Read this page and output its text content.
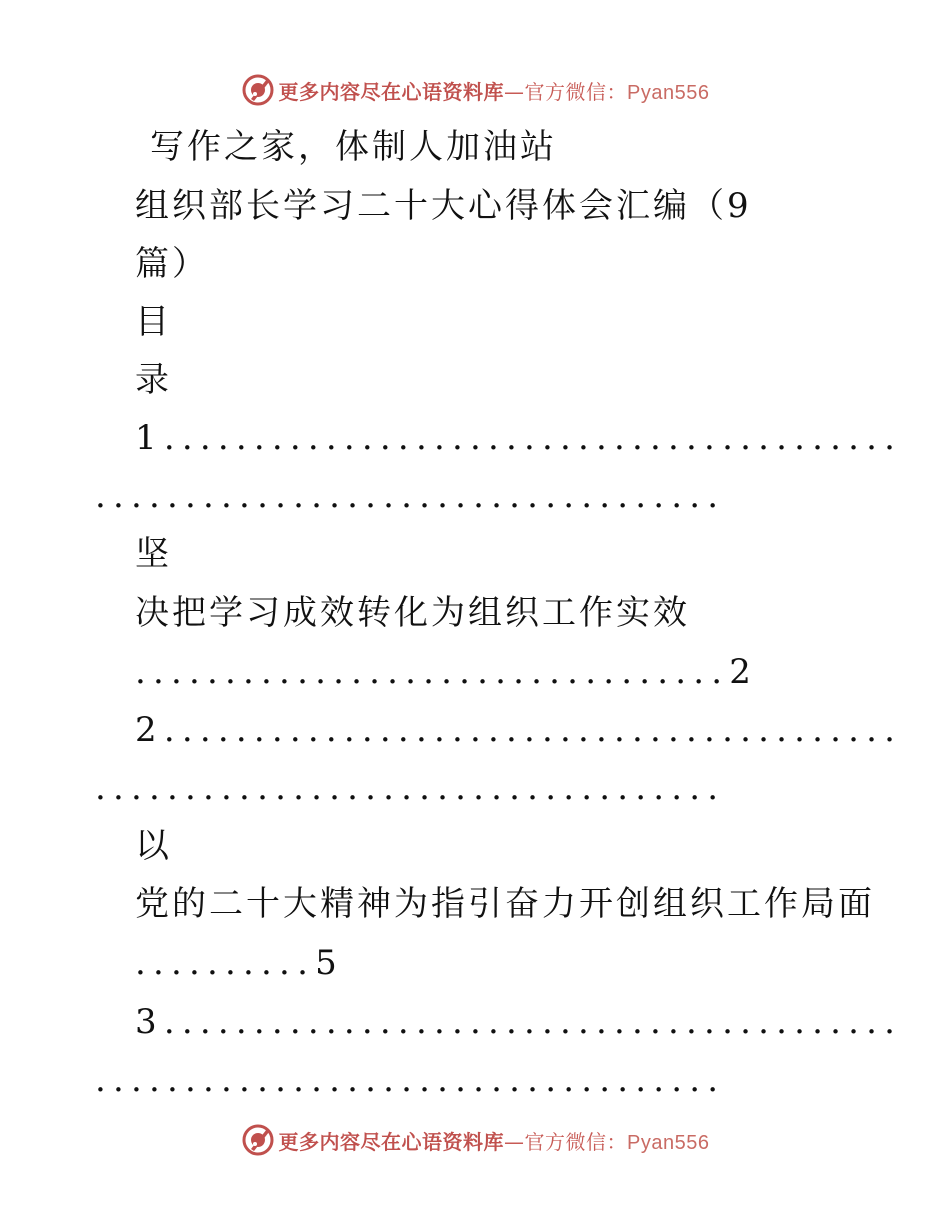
更多内容尽在心语资料库—官方微信：Pyan556
写作之家，体制人加油站
组织部长学习二十大心得体会汇编（9
篇）
目
录
1.........................................
...................................
坚
决把学习成效转化为组织工作实效
.................................2
2.........................................
...................................
以
党的二十大精神为指引奋力开创组织工作局面
..........5
3.........................................
...................................
更多内容尽在心语资料库—官方微信：Pyan556
